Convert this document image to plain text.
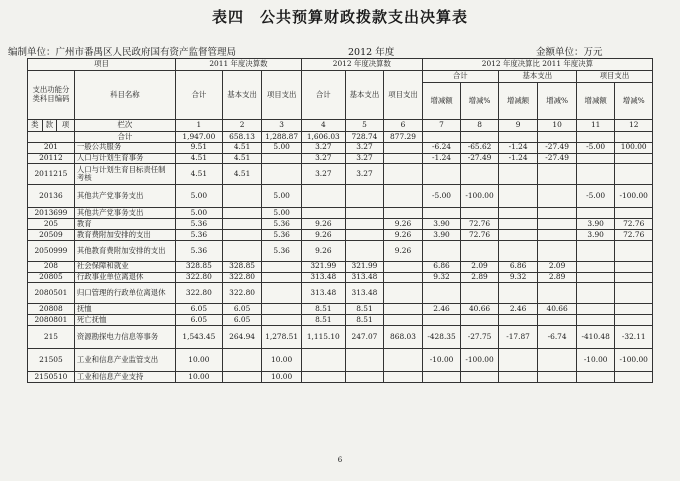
表四　公共预算财政拨款支出决算表
编制单位：广州市番禺区人民政府国有资产监督管理局	2012 年度	金额单位：万元
项目				2011 年度决算数			2012 年度决算数			2012 年度决算比 2011 年度决算					
支出功能分类科目编码			科目名称	合计	基本支出	项目支出	合计	基本支出	项目支出	合计		基本支出		项目支出	
										增减额	增减%	增减额	增减%	增减额	增减%
类	款	项	栏次	1	2	3	4	5	6	7	8	9	10	11	12
			合计	1,947.00	658.13	1,288.87	1,606.03	728.74	877.29						
201			一般公共服务	9.51	4.51	5.00	3.27	3.27		-6.24	-65.62	-1.24	-27.49	-5.00	100.00
20112			人口与计划生育事务	4.51	4.51		3.27	3.27		-1.24	-27.49	-1.24	-27.49		
2011215			人口与计划生育目标责任制考核	4.51	4.51		3.27	3.27							
20136			其他共产党事务支出	5.00		5.00				-5.00	-100.00			-5.00	-100.00
2013699			其他共产党事务支出	5.00		5.00									
205			教育	5.36		5.36	9.26		9.26	3.90	72.76			3.90	72.76
20509			教育费附加安排的支出	5.36		5.36	9.26		9.26	3.90	72.76			3.90	72.76
2050999			其他教育费附加安排的支出	5.36		5.36	9.26		9.26						
208			社会保障和就业	328.85	328.85		321.99	321.99		6.86	2.09	6.86	2.09		
20805			行政事业单位离退休	322.80	322.80		313.48	313.48		9.32	2.89	9.32	2.89		
2080501			归口管理的行政单位离退休	322.80	322.80		313.48	313.48							
20808			抚恤	6.05	6.05		8.51	8.51		2.46	40.66	2.46	40.66		
2080801			死亡抚恤	6.05	6.05		8.51	8.51							
215			资源勘探电力信息等事务	1,543.45	264.94	1,278.51	1,115.10	247.07	868.03	-428.35	-27.75	-17.87	-6.74	-410.48	-32.11
21505			工业和信息产业监管支出	10.00		10.00				-10.00	-100.00			-10.00	-100.00
2150510			工业和信息产业支持	10.00		10.00									
6
